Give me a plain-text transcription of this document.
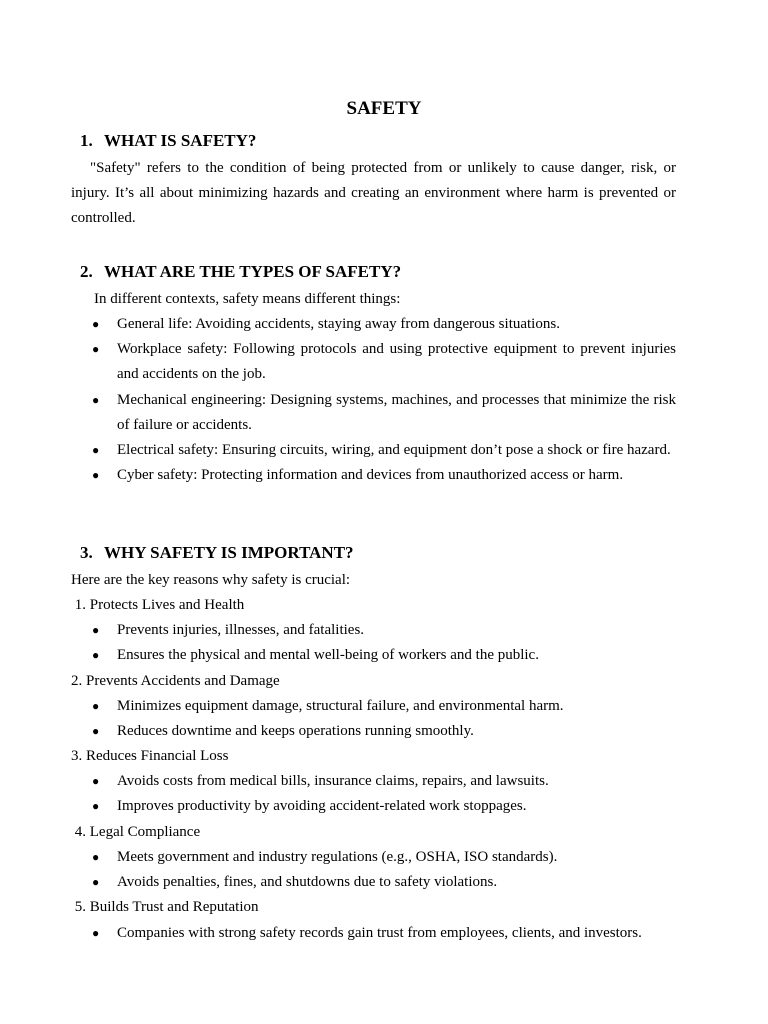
SAFETY
1. WHAT IS SAFETY?

"Safety" refers to the condition of being protected from or unlikely to cause danger, risk, or injury. It’s all about minimizing hazards and creating an environment where harm is prevented or controlled.

2. WHAT ARE THE TYPES OF SAFETY?

In different contexts, safety means different things:

● General life: Avoiding accidents, staying away from dangerous situations.
● Workplace safety: Following protocols and using protective equipment to prevent injuries and accidents on the job.
● Mechanical engineering: Designing systems, machines, and processes that minimize the risk of failure or accidents.
● Electrical safety: Ensuring circuits, wiring, and equipment don’t pose a shock or fire hazard.
● Cyber safety: Protecting information and devices from unauthorized access or harm.
3. WHY SAFETY IS IMPORTANT?

Here are the key reasons why safety is crucial:

1. Protects Lives and Health

● Prevents injuries, illnesses, and fatalities.
● Ensures the physical and mental well-being of workers and the public.

2. Prevents Accidents and Damage

● Minimizes equipment damage, structural failure, and environmental harm.
● Reduces downtime and keeps operations running smoothly.

3. Reduces Financial Loss

● Avoids costs from medical bills, insurance claims, repairs, and lawsuits.
● Improves productivity by avoiding accident-related work stoppages.

4. Legal Compliance

● Meets government and industry regulations (e.g., OSHA, ISO standards).
● Avoids penalties, fines, and shutdowns due to safety violations.

5. Builds Trust and Reputation

● Companies with strong safety records gain trust from employees, clients, and investors.
